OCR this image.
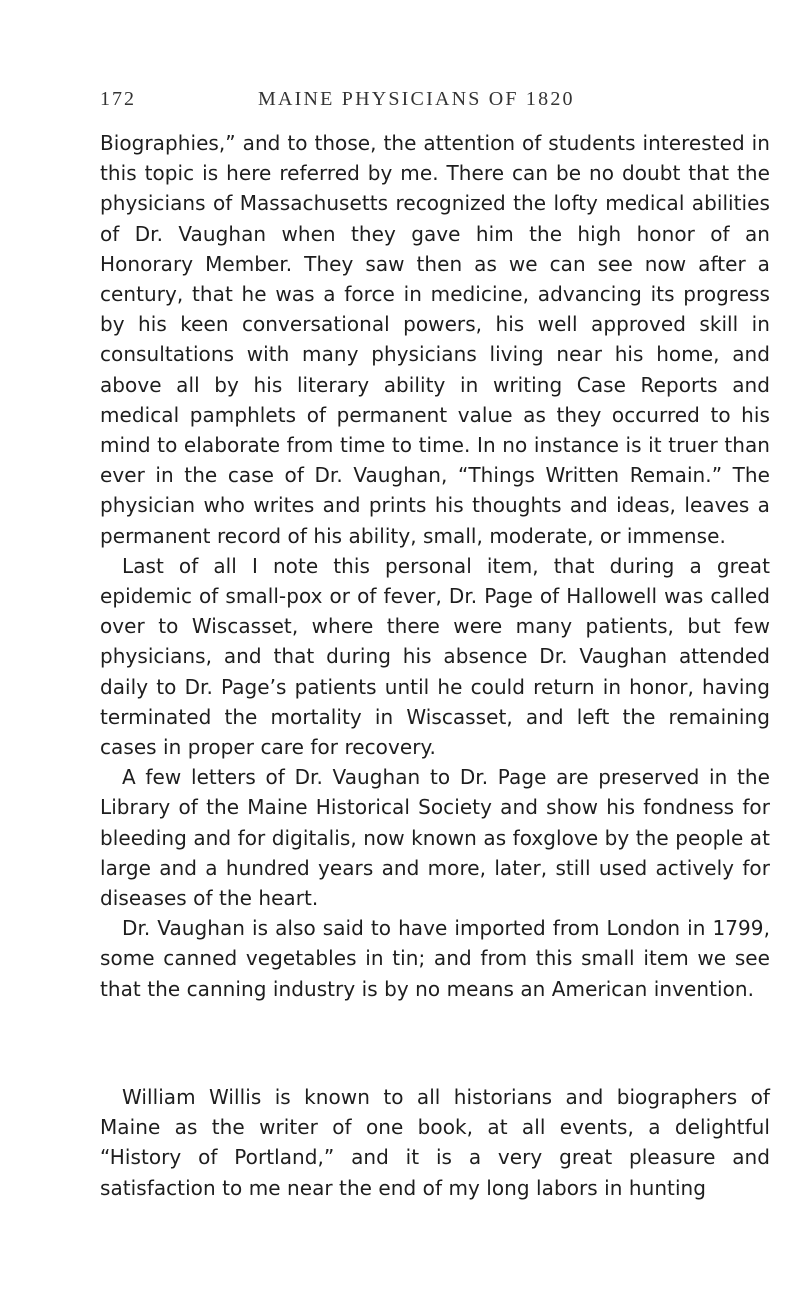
172	MAINE PHYSICIANS OF 1820

Biographies,” and to those, the attention of students interested in this topic is here referred by me. There can be no doubt that the physicians of Massachusetts recognized the lofty medical abilities of Dr. Vaughan when they gave him the high honor of an Honorary Member. They saw then as we can see now after a century, that he was a force in medicine, advancing its progress by his keen conversational powers, his well approved skill in consultations with many physicians living near his home, and above all by his literary ability in writing Case Reports and medical pamphlets of permanent value as they occurred to his mind to elaborate from time to time. In no instance is it truer than ever in the case of Dr. Vaughan, “Things Written Remain.” The physician who writes and prints his thoughts and ideas, leaves a permanent record of his ability, small, moderate, or immense.

Last of all I note this personal item, that during a great epidemic of small-pox or of fever, Dr. Page of Hallowell was called over to Wiscasset, where there were many patients, but few physicians, and that during his absence Dr. Vaughan attended daily to Dr. Page’s patients until he could return in honor, having terminated the mortality in Wiscasset, and left the remaining cases in proper care for recovery.

A few letters of Dr. Vaughan to Dr. Page are preserved in the Library of the Maine Historical Society and show his fondness for bleeding and for digitalis, now known as foxglove by the people at large and a hundred years and more, later, still used actively for diseases of the heart.

Dr. Vaughan is also said to have imported from London in 1799, some canned vegetables in tin; and from this small item we see that the canning industry is by no means an American invention.

William Willis is known to all historians and biographers of Maine as the writer of one book, at all events, a delightful “History of Portland,” and it is a very great pleasure and satisfaction to me near the end of my long labors in hunting
